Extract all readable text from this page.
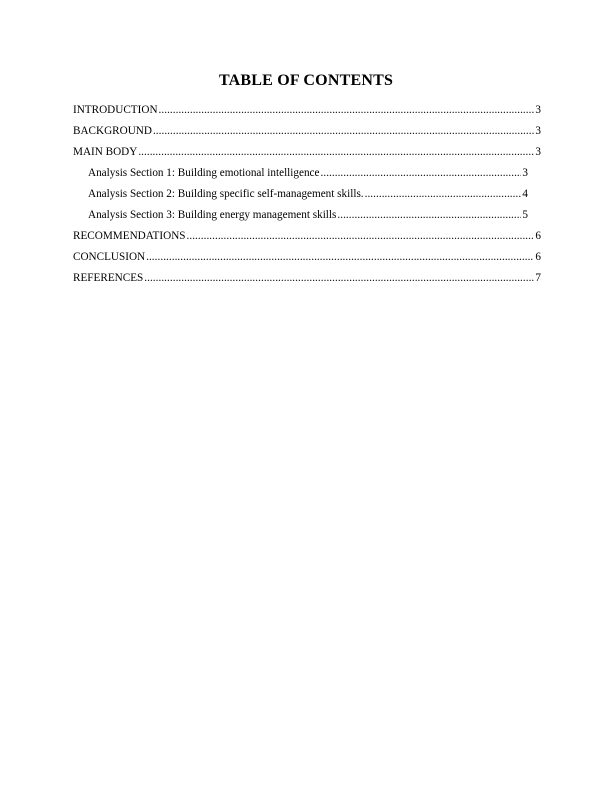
TABLE OF CONTENTS
INTRODUCTION .....	3
BACKGROUND .....	3
MAIN BODY .....	3
Analysis Section 1: Building emotional intelligence .....	3
Analysis Section 2: Building specific self-management skills. .....	4
Analysis Section 3: Building energy management skills .....	5
RECOMMENDATIONS .....	6
CONCLUSION .....	6
REFERENCES .....	7
